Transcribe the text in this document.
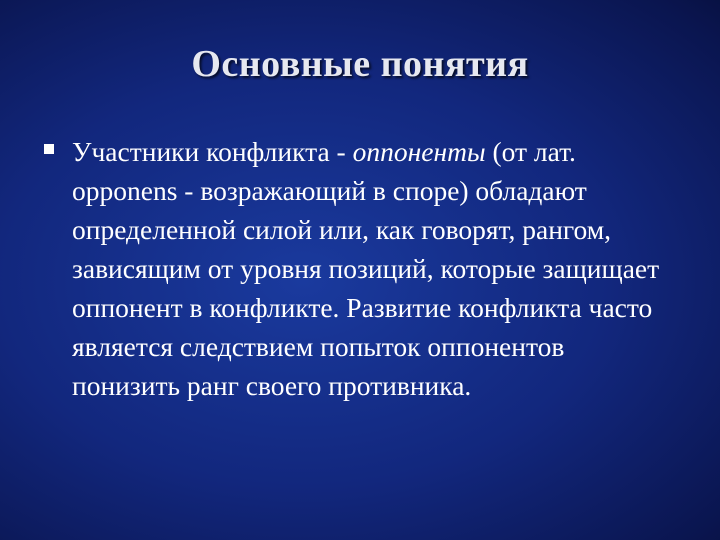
Основные понятия
Участники конфликта - оппоненты (от лат. opponens - возражающий в споре) обладают определенной силой или, как говорят, рангом, зависящим от уровня позиций, которые защищает оппонент в конфликте. Развитие конфликта часто является следствием попыток оппонентов понизить ранг своего противника.
